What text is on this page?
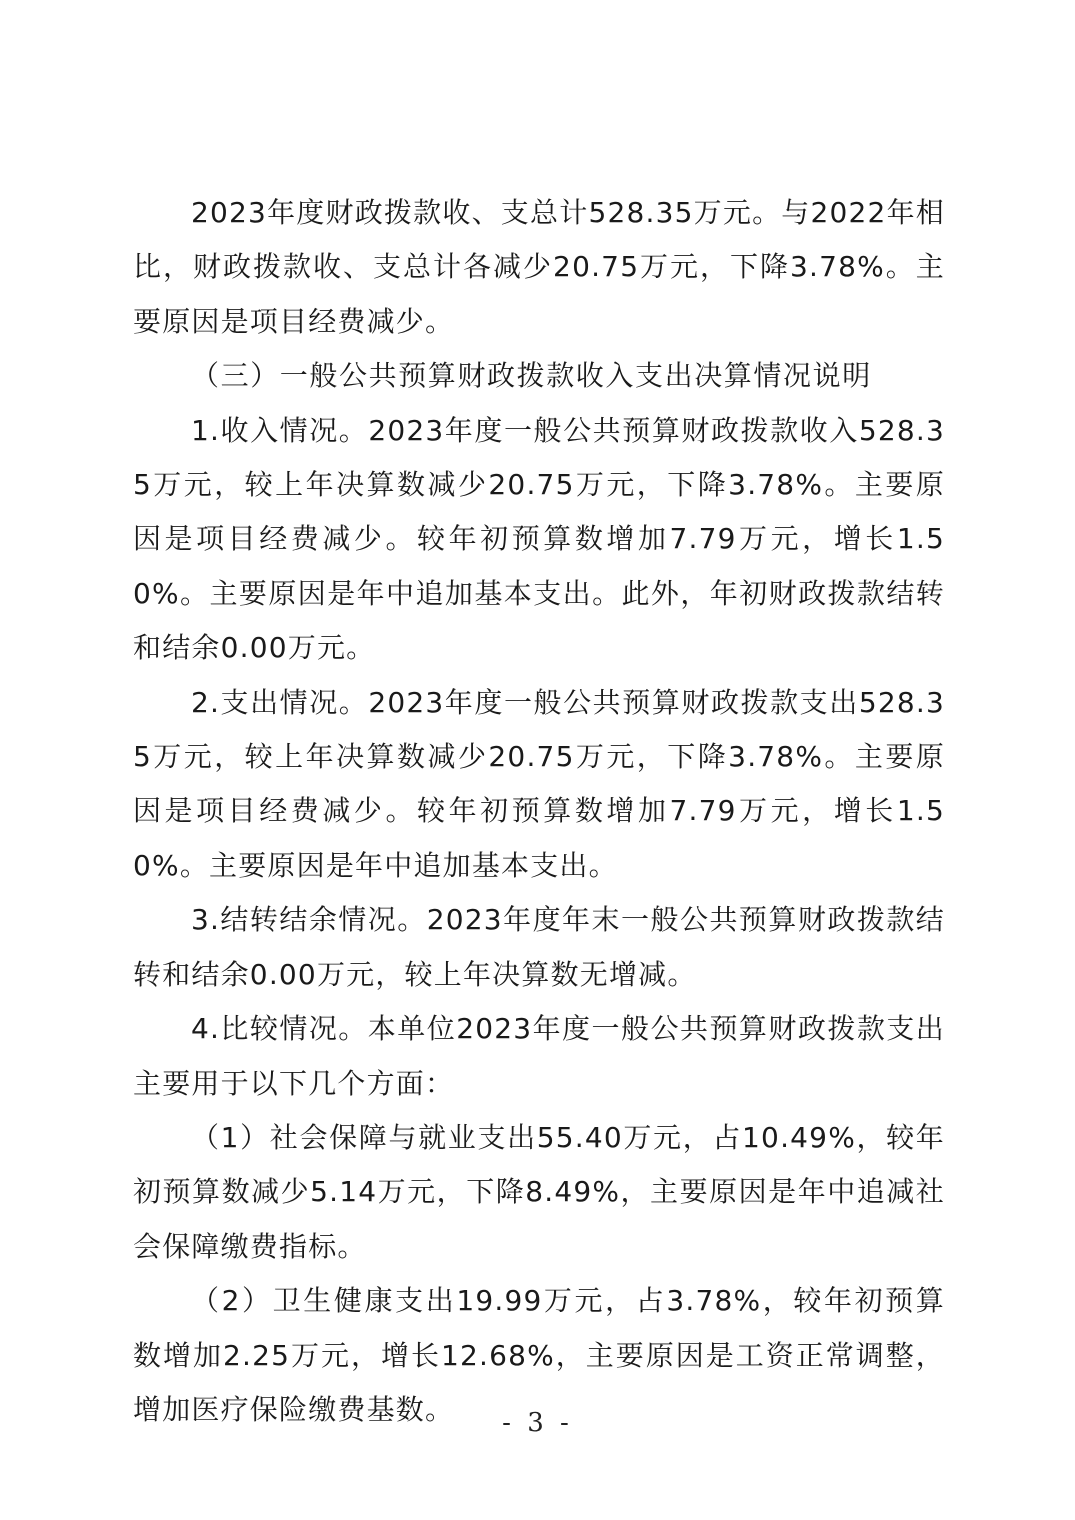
2023年度财政拨款收、支总计528.35万元。与2022年相比，财政拨款收、支总计各减少20.75万元，下降3.78%。主要原因是项目经费减少。

（三）一般公共预算财政拨款收入支出决算情况说明

1.收入情况。2023年度一般公共预算财政拨款收入528.35万元，较上年决算数减少20.75万元，下降3.78%。主要原因是项目经费减少。较年初预算数增加7.79万元，增长1.50%。主要原因是年中追加基本支出。此外，年初财政拨款结转和结余0.00万元。

2.支出情况。2023年度一般公共预算财政拨款支出528.35万元，较上年决算数减少20.75万元，下降3.78%。主要原因是项目经费减少。较年初预算数增加7.79万元，增长1.50%。主要原因是年中追加基本支出。

3.结转结余情况。2023年度年末一般公共预算财政拨款结转和结余0.00万元，较上年决算数无增减。

4.比较情况。本单位2023年度一般公共预算财政拨款支出主要用于以下几个方面：

（1）社会保障与就业支出55.40万元，占10.49%，较年初预算数减少5.14万元，下降8.49%，主要原因是年中追减社会保障缴费指标。

（2）卫生健康支出19.99万元，占3.78%，较年初预算数增加2.25万元，增长12.68%，主要原因是工资正常调整，增加医疗保险缴费基数。	- 3 -
